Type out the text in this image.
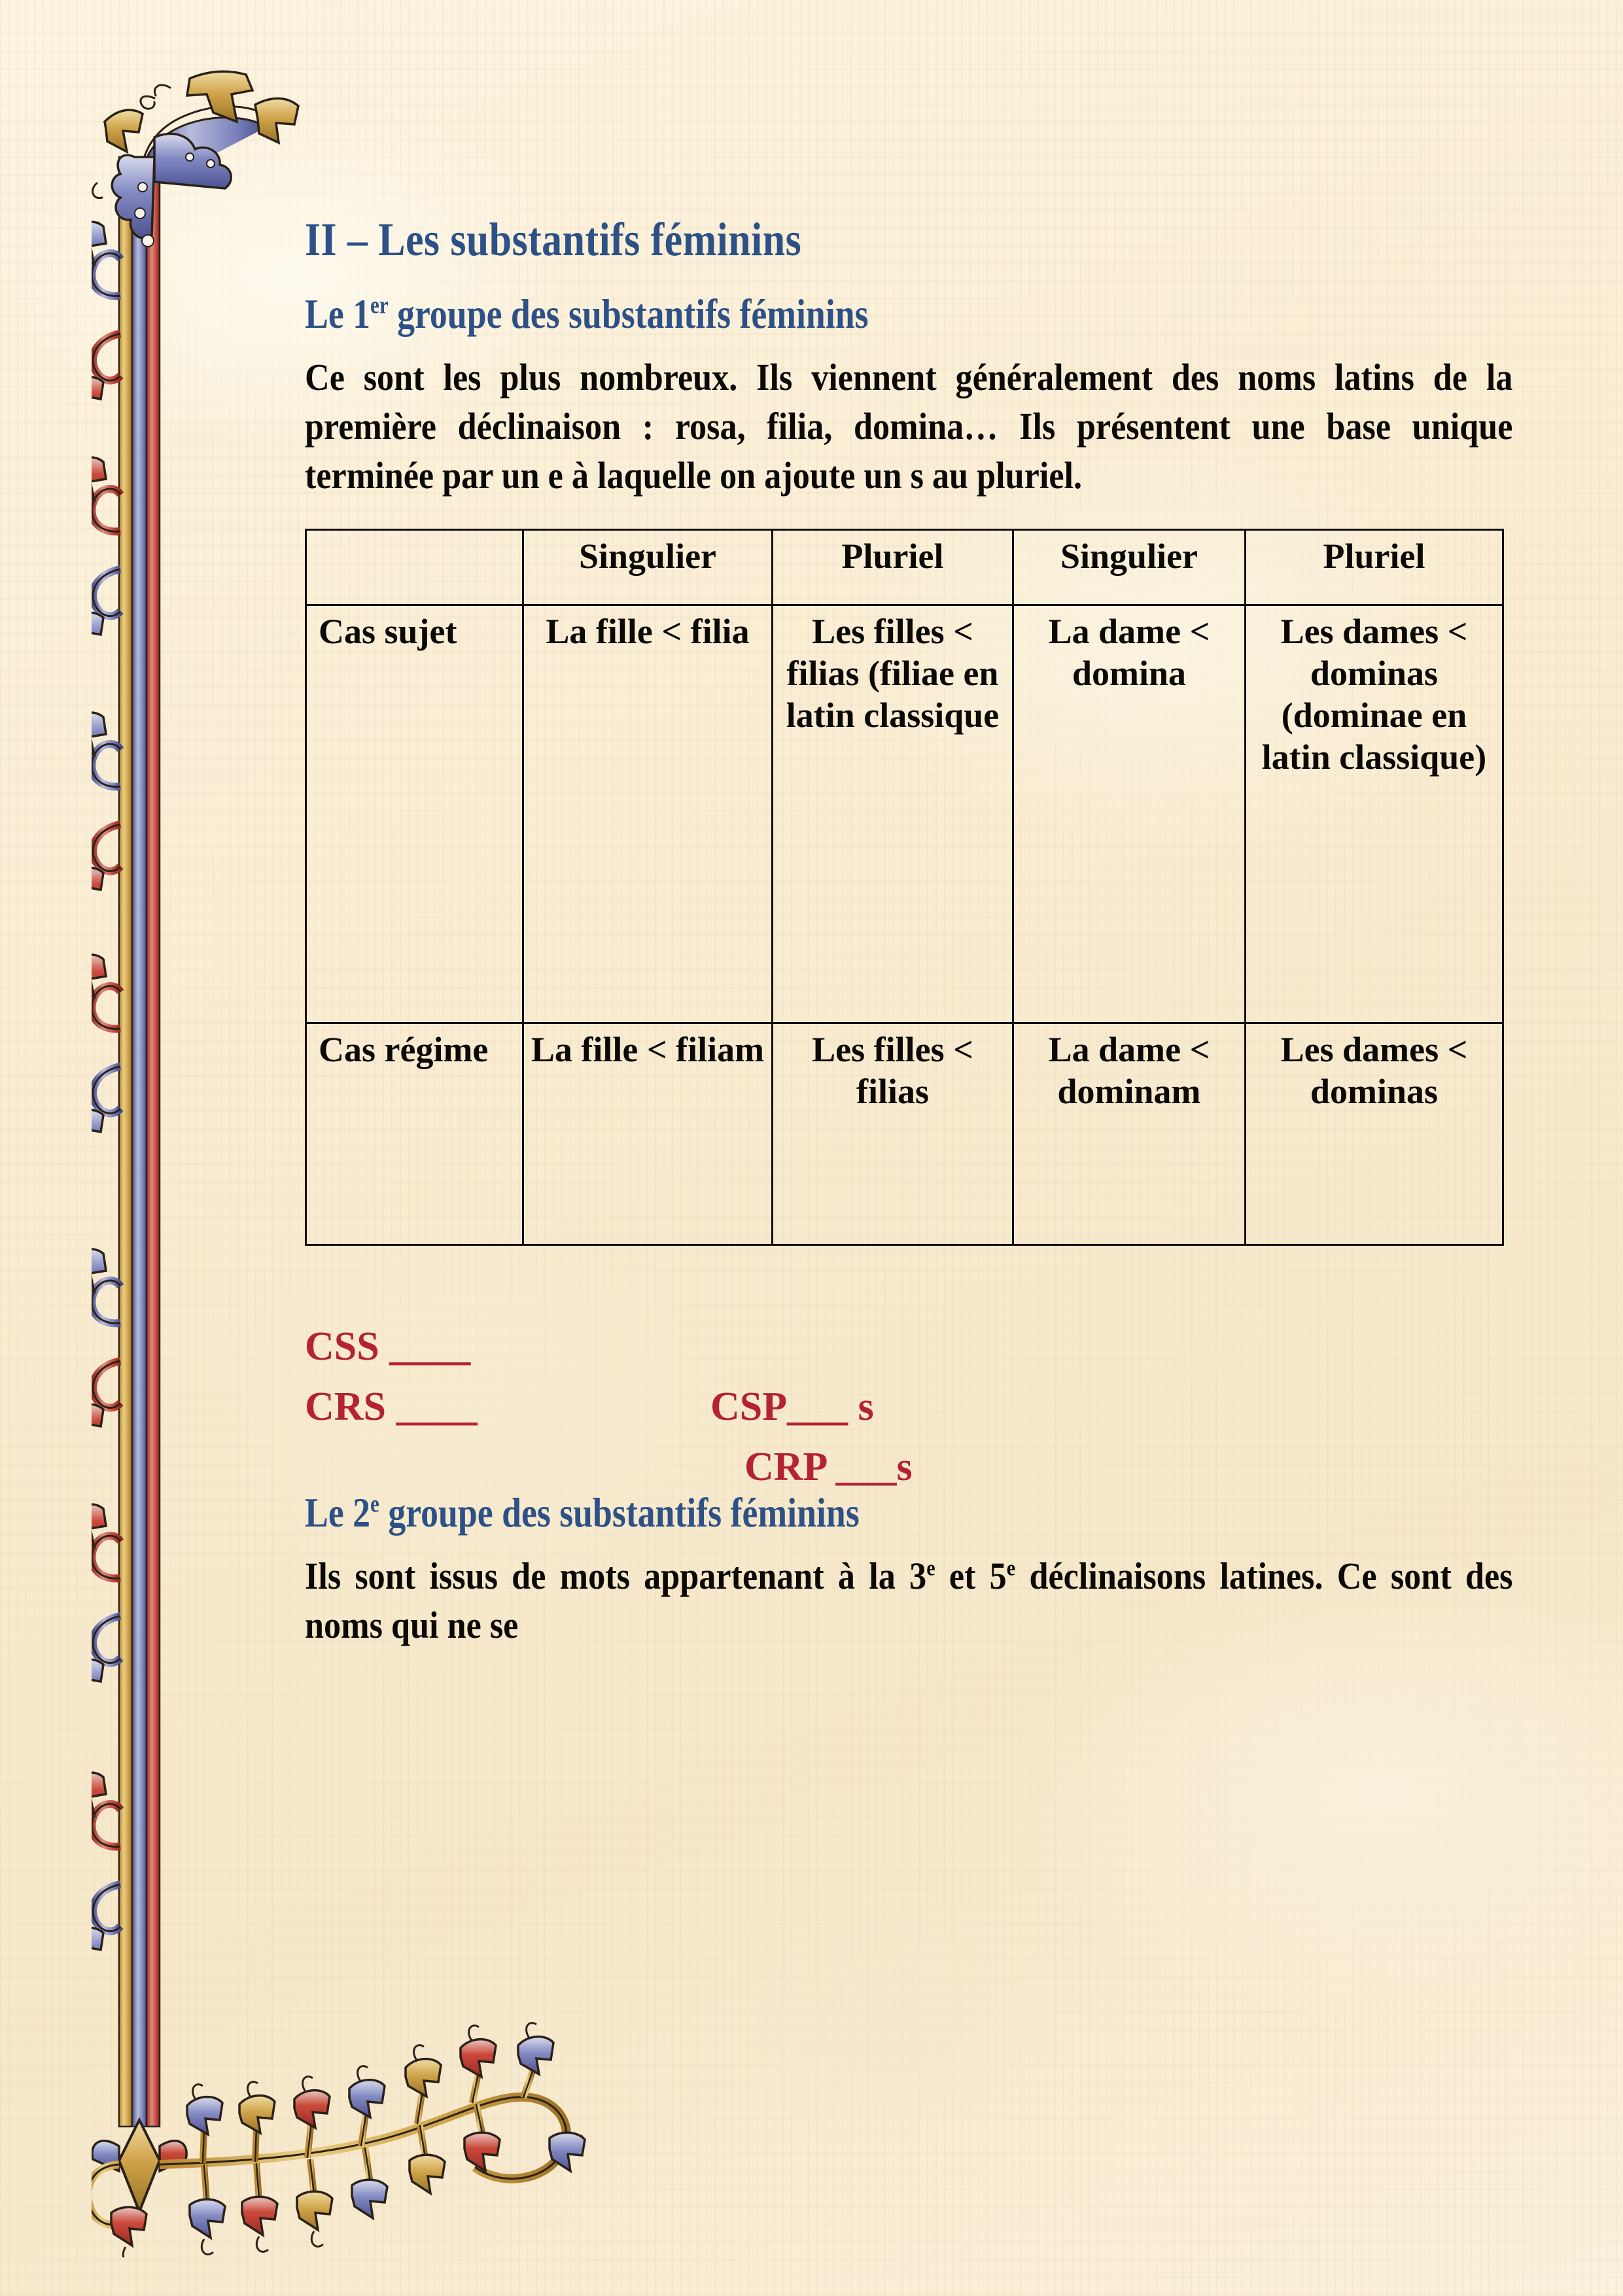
II – Les substantifs féminins
Le 1er groupe des substantifs féminins

Ce sont les plus nombreux. Ils viennent généralement des noms latins de la première déclinaison : rosa, filia, domina… Ils présentent une base unique terminée par un e à laquelle on ajoute un s au pluriel.

	Singulier	Pluriel	Singulier	Pluriel
Cas sujet	La fille < filia	Les filles < filias (filiae en latin classique	La dame < domina	Les dames < dominas (dominae en latin classique)
Cas régime	La fille < filiam	Les filles < filias	La dame < dominam	Les dames < dominas

CSS ____

CSP___ s

CRS ____

CRP ___s

Le 2e groupe des substantifs féminins

Ils sont issus de mots appartenant à la 3e et 5e déclinaisons latines. Ce sont des noms qui ne se
